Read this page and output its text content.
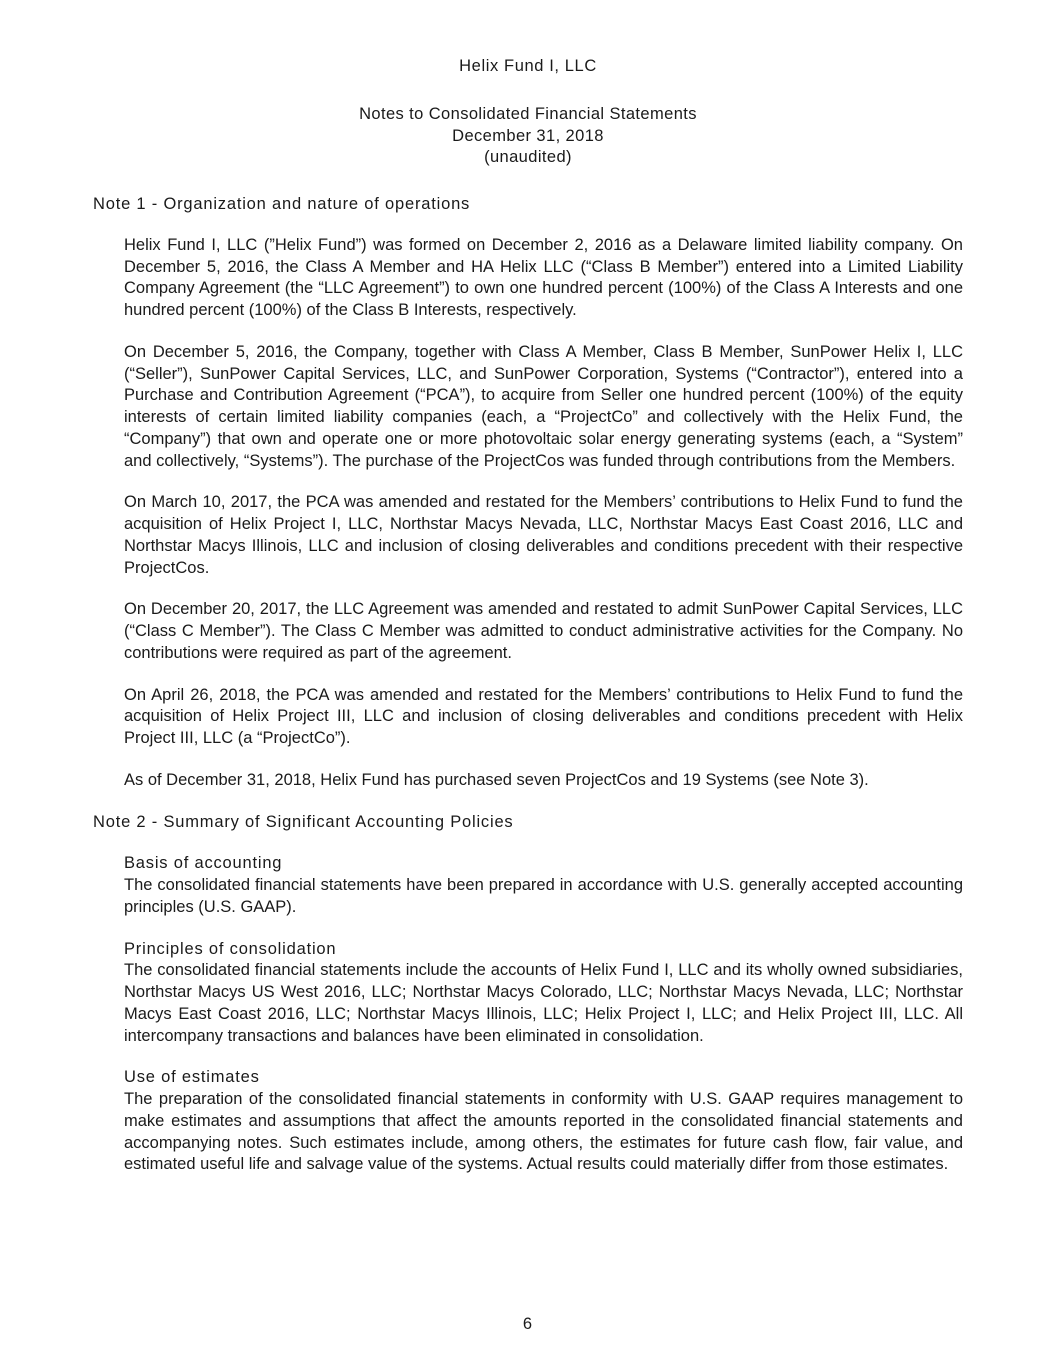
Helix Fund I, LLC
Notes to Consolidated Financial Statements
December 31, 2018
(unaudited)
Note 1 - Organization and nature of operations

Helix Fund I, LLC (”Helix Fund”) was formed on December 2, 2016 as a Delaware limited liability company. On December 5, 2016, the Class A Member and HA Helix LLC (“Class B Member”) entered into a Limited Liability Company Agreement (the “LLC Agreement”) to own one hundred percent (100%) of the Class A Interests and one hundred percent (100%) of the Class B Interests, respectively.

On December 5, 2016, the Company, together with Class A Member, Class B Member, SunPower Helix I, LLC (“Seller”), SunPower Capital Services, LLC, and SunPower Corporation, Systems (“Contractor”), entered into a Purchase and Contribution Agreement (“PCA”), to acquire from Seller one hundred percent (100%) of the equity interests of certain limited liability companies (each, a “ProjectCo” and collectively with the Helix Fund, the “Company”) that own and operate one or more photovoltaic solar energy generating systems (each, a “System” and collectively, “Systems”). The purchase of the ProjectCos was funded through contributions from the Members.

On March 10, 2017, the PCA was amended and restated for the Members’ contributions to Helix Fund to fund the acquisition of Helix Project I, LLC, Northstar Macys Nevada, LLC, Northstar Macys East Coast 2016, LLC and Northstar Macys Illinois, LLC and inclusion of closing deliverables and conditions precedent with their respective ProjectCos.

On December 20, 2017, the LLC Agreement was amended and restated to admit SunPower Capital Services, LLC (“Class C Member”). The Class C Member was admitted to conduct administrative activities for the Company. No contributions were required as part of the agreement.

On April 26, 2018, the PCA was amended and restated for the Members’ contributions to Helix Fund to fund the acquisition of Helix Project III, LLC and inclusion of closing deliverables and conditions precedent with Helix Project III, LLC (a “ProjectCo”).

As of December 31, 2018, Helix Fund has purchased seven ProjectCos and 19 Systems (see Note 3).

Note 2 - Summary of Significant Accounting Policies
Basis of accounting

The consolidated financial statements have been prepared in accordance with U.S. generally accepted accounting principles (U.S. GAAP).

Principles of consolidation

The consolidated financial statements include the accounts of Helix Fund I, LLC and its wholly owned subsidiaries, Northstar Macys US West 2016, LLC; Northstar Macys Colorado, LLC; Northstar Macys Nevada, LLC; Northstar Macys East Coast 2016, LLC; Northstar Macys Illinois, LLC; Helix Project I, LLC; and Helix Project III, LLC. All intercompany transactions and balances have been eliminated in consolidation.

Use of estimates

The preparation of the consolidated financial statements in conformity with U.S. GAAP requires management to make estimates and assumptions that affect the amounts reported in the consolidated financial statements and accompanying notes. Such estimates include, among others, the estimates for future cash flow, fair value, and estimated useful life and salvage value of the systems. Actual results could materially differ from those estimates.

6
